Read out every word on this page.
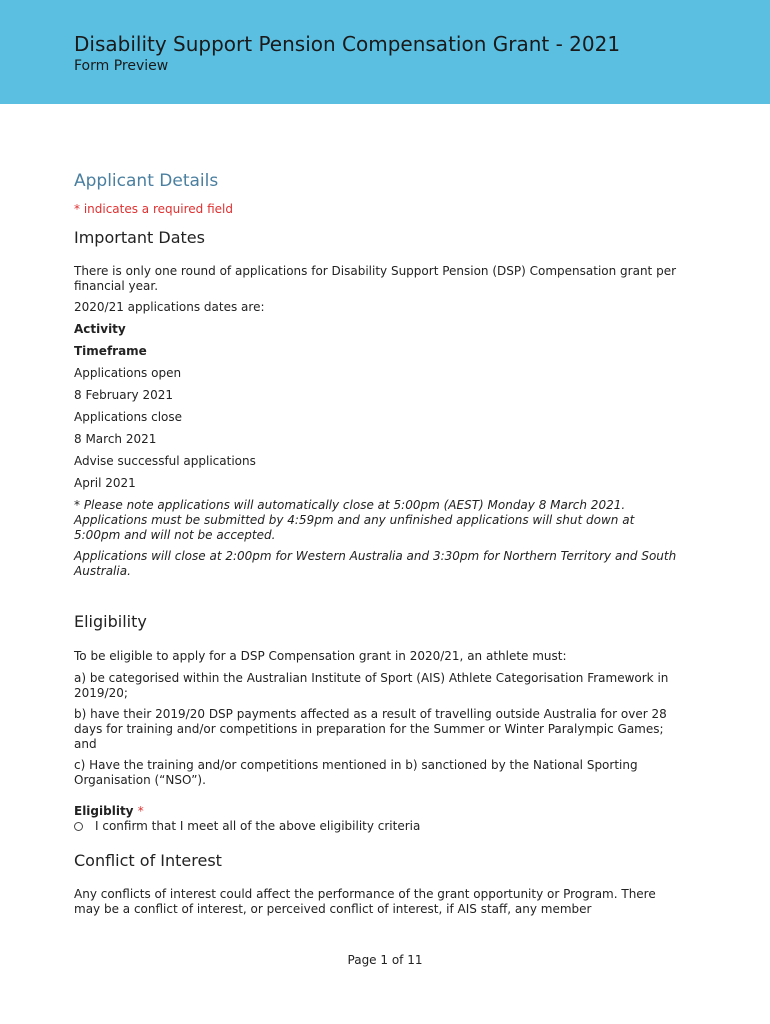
Disability Support Pension Compensation Grant - 2021
Form Preview
Applicant Details
* indicates a required field
Important Dates
There is only one round of applications for Disability Support Pension (DSP) Compensation grant per financial year.
2020/21 applications dates are:
Activity
Timeframe
Applications open
8 February 2021
Applications close
8 March 2021
Advise successful applications
April 2021
* Please note applications will automatically close at 5:00pm (AEST) Monday 8 March 2021. Applications must be submitted by 4:59pm and any unfinished applications will shut down at 5:00pm and will not be accepted.
Applications will close at 2:00pm for Western Australia and 3:30pm for Northern Territory and South Australia.
Eligibility
To be eligible to apply for a DSP Compensation grant in 2020/21, an athlete must:
a) be categorised within the Australian Institute of Sport (AIS) Athlete Categorisation Framework in 2019/20;
b) have their 2019/20 DSP payments affected as a result of travelling outside Australia for over 28 days for training and/or competitions in preparation for the Summer or Winter Paralympic Games; and
c) Have the training and/or competitions mentioned in b) sanctioned by the National Sporting Organisation (“NSO”).
Eligiblity *
I confirm that I meet all of the above eligibility criteria
Conflict of Interest
Any conflicts of interest could affect the performance of the grant opportunity or Program. There may be a conflict of interest, or perceived conflict of interest, if AIS staff, any member
Page 1 of 11
